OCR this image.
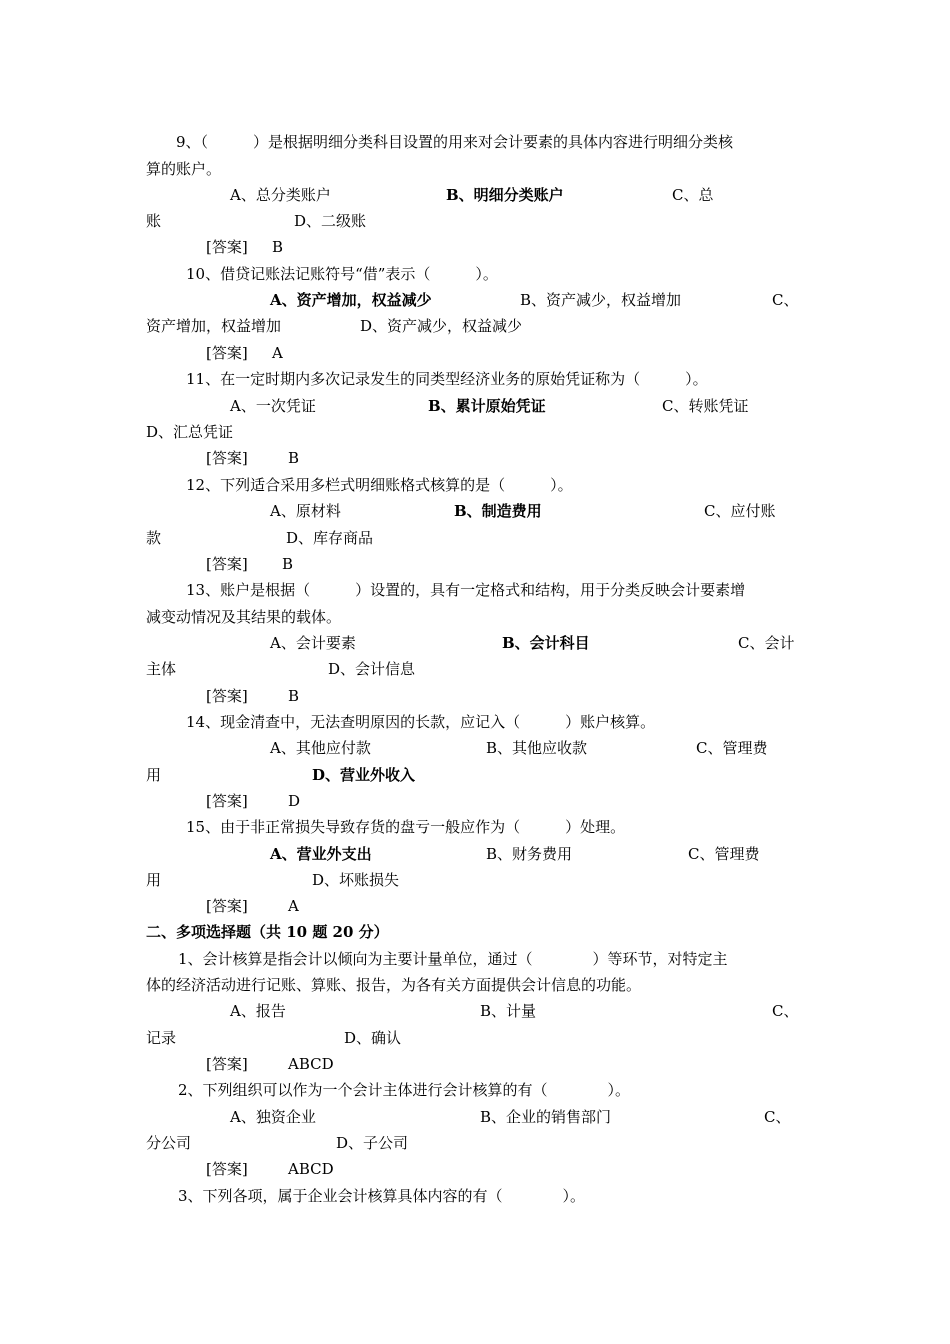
9、（　　　）是根据明细分类科目设置的用来对会计要素的具体内容进行明细分类核
算的账户。
A、总分类账户	B、明细分类账户	C、总
账	D、二级账
[答案] B
10、借贷记账法记账符号“借”表示（　　　）。
A、资产增加，权益减少	B、资产减少，权益增加	C、
资产增加，权益增加	D、资产减少，权益减少
[答案] A
11、在一定时期内多次记录发生的同类型经济业务的原始凭证称为（　　　）。
A、一次凭证	B、累计原始凭证	C、转账凭证
D、汇总凭证
[答案]	B
12、下列适合采用多栏式明细账格式核算的是（　　　）。
A、原材料	B、制造费用	C、应付账
款	D、库存商品
[答案] B
13、账户是根据（　　　）设置的，具有一定格式和结构，用于分类反映会计要素增
减变动情况及其结果的载体。
A、会计要素	B、会计科目	C、会计
主体	D、会计信息
[答案]	B
14、现金清查中，无法查明原因的长款，应记入（　　　）账户核算。
A、其他应付款	B、其他应收款	C、管理费
用	D、营业外收入
[答案]	D
15、由于非正常损失导致存货的盘亏一般应作为（　　　）处理。
A、营业外支出	B、财务费用	C、管理费
用	D、坏账损失
[答案]	A
二、多项选择题（共 10 题 20 分）
1、会计核算是指会计以倾向为主要计量单位，通过（　　　　）等环节，对特定主
体的经济活动进行记账、算账、报告，为各有关方面提供会计信息的功能。
A、报告	B、计量	C、
记录	D、确认
[答案]	ABCD
2、下列组织可以作为一个会计主体进行会计核算的有（　　　　）。
A、独资企业	B、企业的销售部门	C、
分公司	D、子公司
[答案]	ABCD
3、下列各项，属于企业会计核算具体内容的有（　　　　）。
